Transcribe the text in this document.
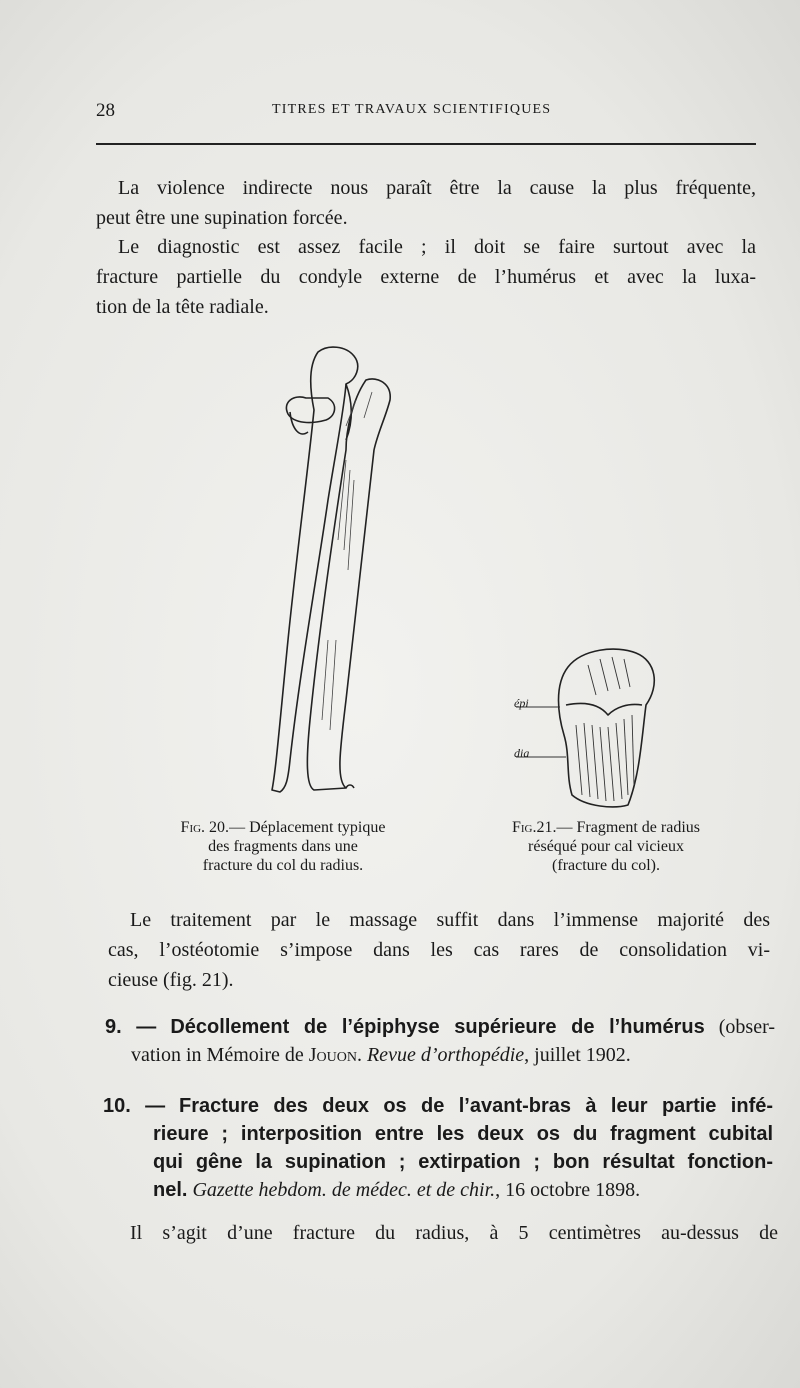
28	TITRES ET TRAVAUX SCIENTIFIQUES
La violence indirecte nous paraît être la cause la plus fréquente,
peut être une supination forcée.
Le diagnostic est assez facile ; il doit se faire surtout avec la
fracture partielle du condyle externe de l’humérus et avec la luxa-
tion de la tête radiale.
épi
dia
Fig. 20.— Déplacement typique
des fragments dans une
fracture du col du radius.
Fig.21.— Fragment de radius
réséqué pour cal vicieux
(fracture du col).
Le traitement par le massage suffit dans l’immense majorité des
cas, l’ostéotomie s’impose dans les cas rares de consolidation vi-
cieuse (fig. 21).
9. — Décollement de l’épiphyse supérieure de l’humérus (obser-
vation in Mémoire de Jouon. Revue d’orthopédie, juillet 1902.
10. — Fracture des deux os de l’avant-bras à leur partie infé-
rieure ; interposition entre les deux os du fragment cubital
qui gêne la supination ; extirpation ; bon résultat fonction-
nel. Gazette hebdom. de médec. et de chir., 16 octobre 1898.
Il s’agit d’une fracture du radius, à 5 centimètres au-dessus de
